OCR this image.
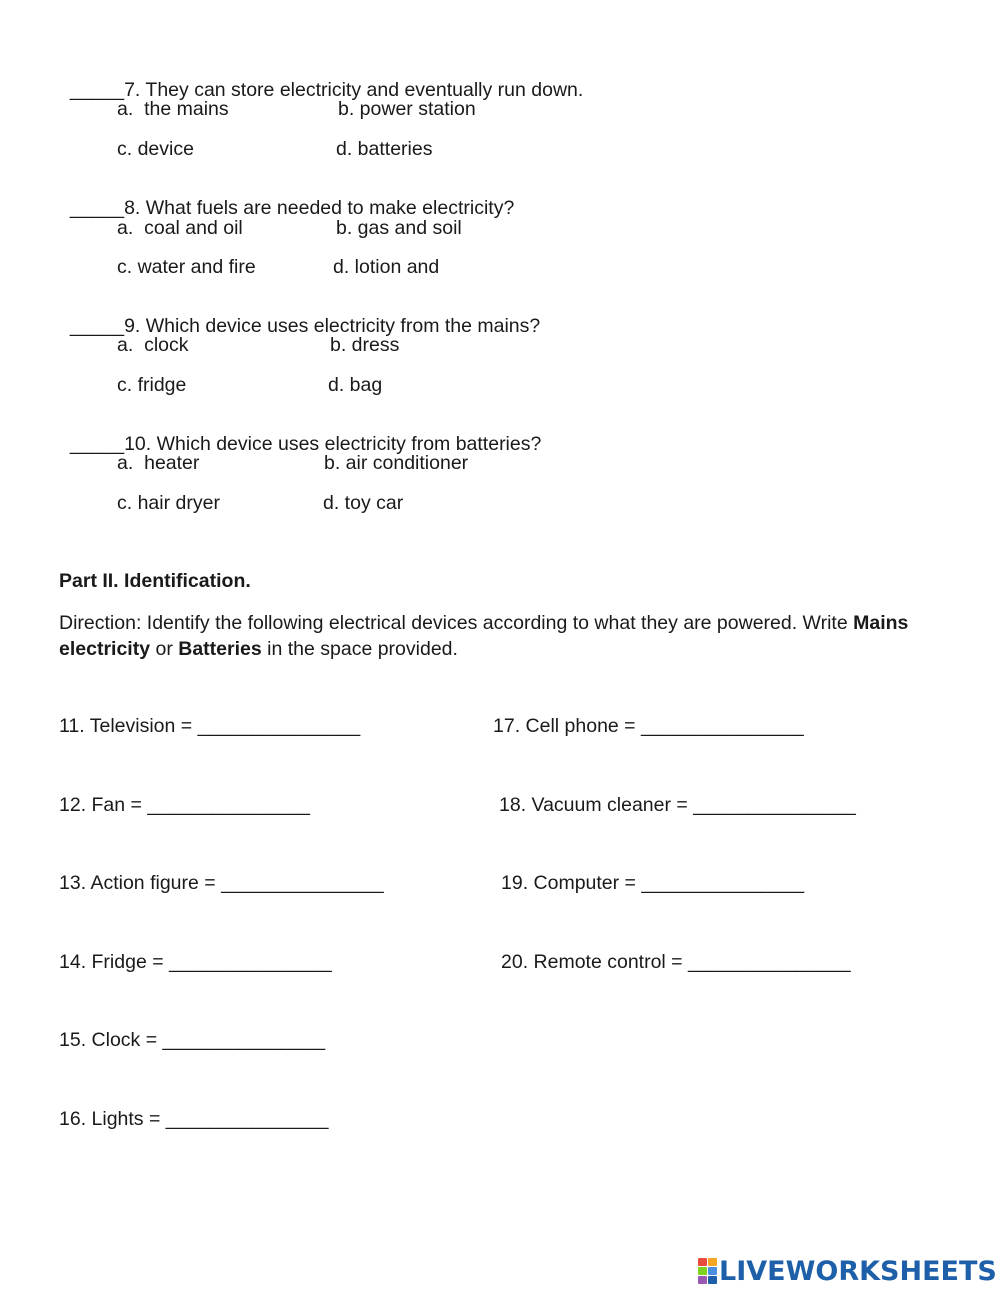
_____7. They can store electricity and eventually run down.

a.  the mains	b. power station
c. device	d. batteries

_____8. What fuels are needed to make electricity?

a.  coal and oil	b. gas and soil
c. water and fire	d. lotion and

_____9. Which device uses electricity from the mains?

a.  clock	b. dress
c. fridge	d. bag

_____10. Which device uses electricity from batteries?

a.  heater	b. air conditioner
c. hair dryer	d. toy car
Part II. Identification.
Direction: Identify the following electrical devices according to what they are powered. Write Mains electricity or Batteries in the space provided.
11. Television = _______________
12. Fan = _______________
13. Action figure = _______________
14. Fridge = _______________
15. Clock = _______________
16. Lights = _______________
17. Cell phone = _______________
18. Vacuum cleaner = _______________
19. Computer = _______________
20. Remote control = _______________
LIVEWORKSHEETS
